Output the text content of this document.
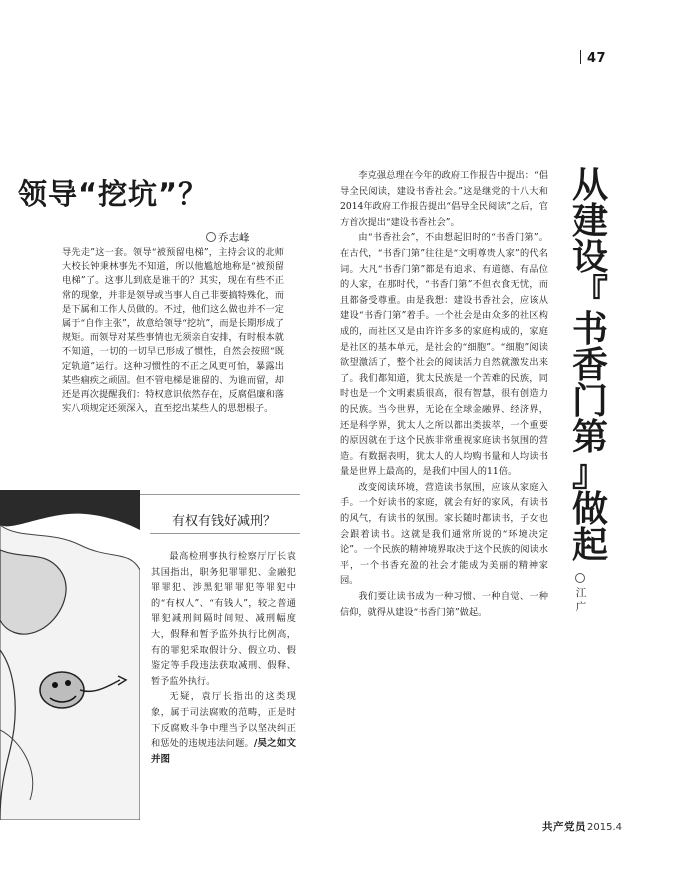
47
领导“挖坑”？
乔志峰

导先走”这一套。领导“被预留电梯”，主持会议的北师大校长钟秉林事先不知道，所以他尴尬地称是“被预留电梯”了。这事儿到底是谁干的？其实，现在有些不正常的现象，并非是领导或当事人自己非要搞特殊化，而是下属和工作人员做的。不过，他们这么做也并不一定属于“自作主张”，故意给领导“挖坑”，而是长期形成了规矩。而领导对某些事情也无须亲自安排，有时根本就不知道，一切的一切早已形成了惯性，自然会按照“既定轨道”运行。这种习惯性的不正之风更可怕，暴露出某些痼疾之顽固。但不管电梯是谁留的、为谁而留，却还是再次提醒我们：特权意识依然存在，反腐倡廉和落实八项规定还须深入，直至挖出某些人的思想根子。

有权有钱好减刑？

最高检刑事执行检察厅厅长袁其国指出，职务犯罪罪犯、金融犯罪罪犯、涉黑犯罪罪犯等罪犯中的“有权人”、“有钱人”，较之普通罪犯减刑间隔时间短、减刑幅度大，假释和暂予监外执行比例高，有的罪犯采取假计分、假立功、假鉴定等手段违法获取减刑、假释、暂予监外执行。

无疑，袁厅长指出的这类现象，属于司法腐败的范畴，正是时下反腐败斗争中理当予以坚决纠正和惩处的违规违法问题。/吴之如文并图

李克强总理在今年的政府工作报告中提出：“倡导全民阅读，建设书香社会。”这是继党的十八大和2014年政府工作报告提出“倡导全民阅读”之后，官方首次提出“建设书香社会”。

由“书香社会”，不由想起旧时的“书香门第”。在古代，“书香门第”往往是“文明尊贵人家”的代名词。大凡“书香门第”都是有追求、有道德、有品位的人家，在那时代，“书香门第”不但衣食无忧，而且都备受尊重。由是我想：建设书香社会，应该从建设“书香门第”着手。一个社会是由众多的社区构成的，而社区又是由许许多多的家庭构成的，家庭是社区的基本单元，是社会的“细胞”。“细胞”阅读欲望激活了，整个社会的阅读活力自然就激发出来了。我们都知道，犹太民族是一个苦难的民族，同时也是一个文明素质很高，很有智慧，很有创造力的民族。当今世界，无论在全球金融界、经济界，还是科学界，犹太人之所以都出类拔萃，一个重要的原因就在于这个民族非常重视家庭读书氛围的营造。有数据表明，犹太人的人均购书量和人均读书量是世界上最高的，是我们中国人的11倍。

改变阅读环境，营造读书氛围，应该从家庭入手。一个好读书的家庭，就会有好的家风，有读书的风气，有读书的氛围。家长随时都读书，子女也会跟着读书。这就是我们通常所说的“环境决定论”。一个民族的精神境界取决于这个民族的阅读水平，一个书香充盈的社会才能成为美丽的精神家园。

我们要让读书成为一种习惯、一种自觉、一种信仰，就得从建设“书香门第”做起。

从
建
设
『
书
香
门
第
』
做
起

江广
共产党员2015.4
